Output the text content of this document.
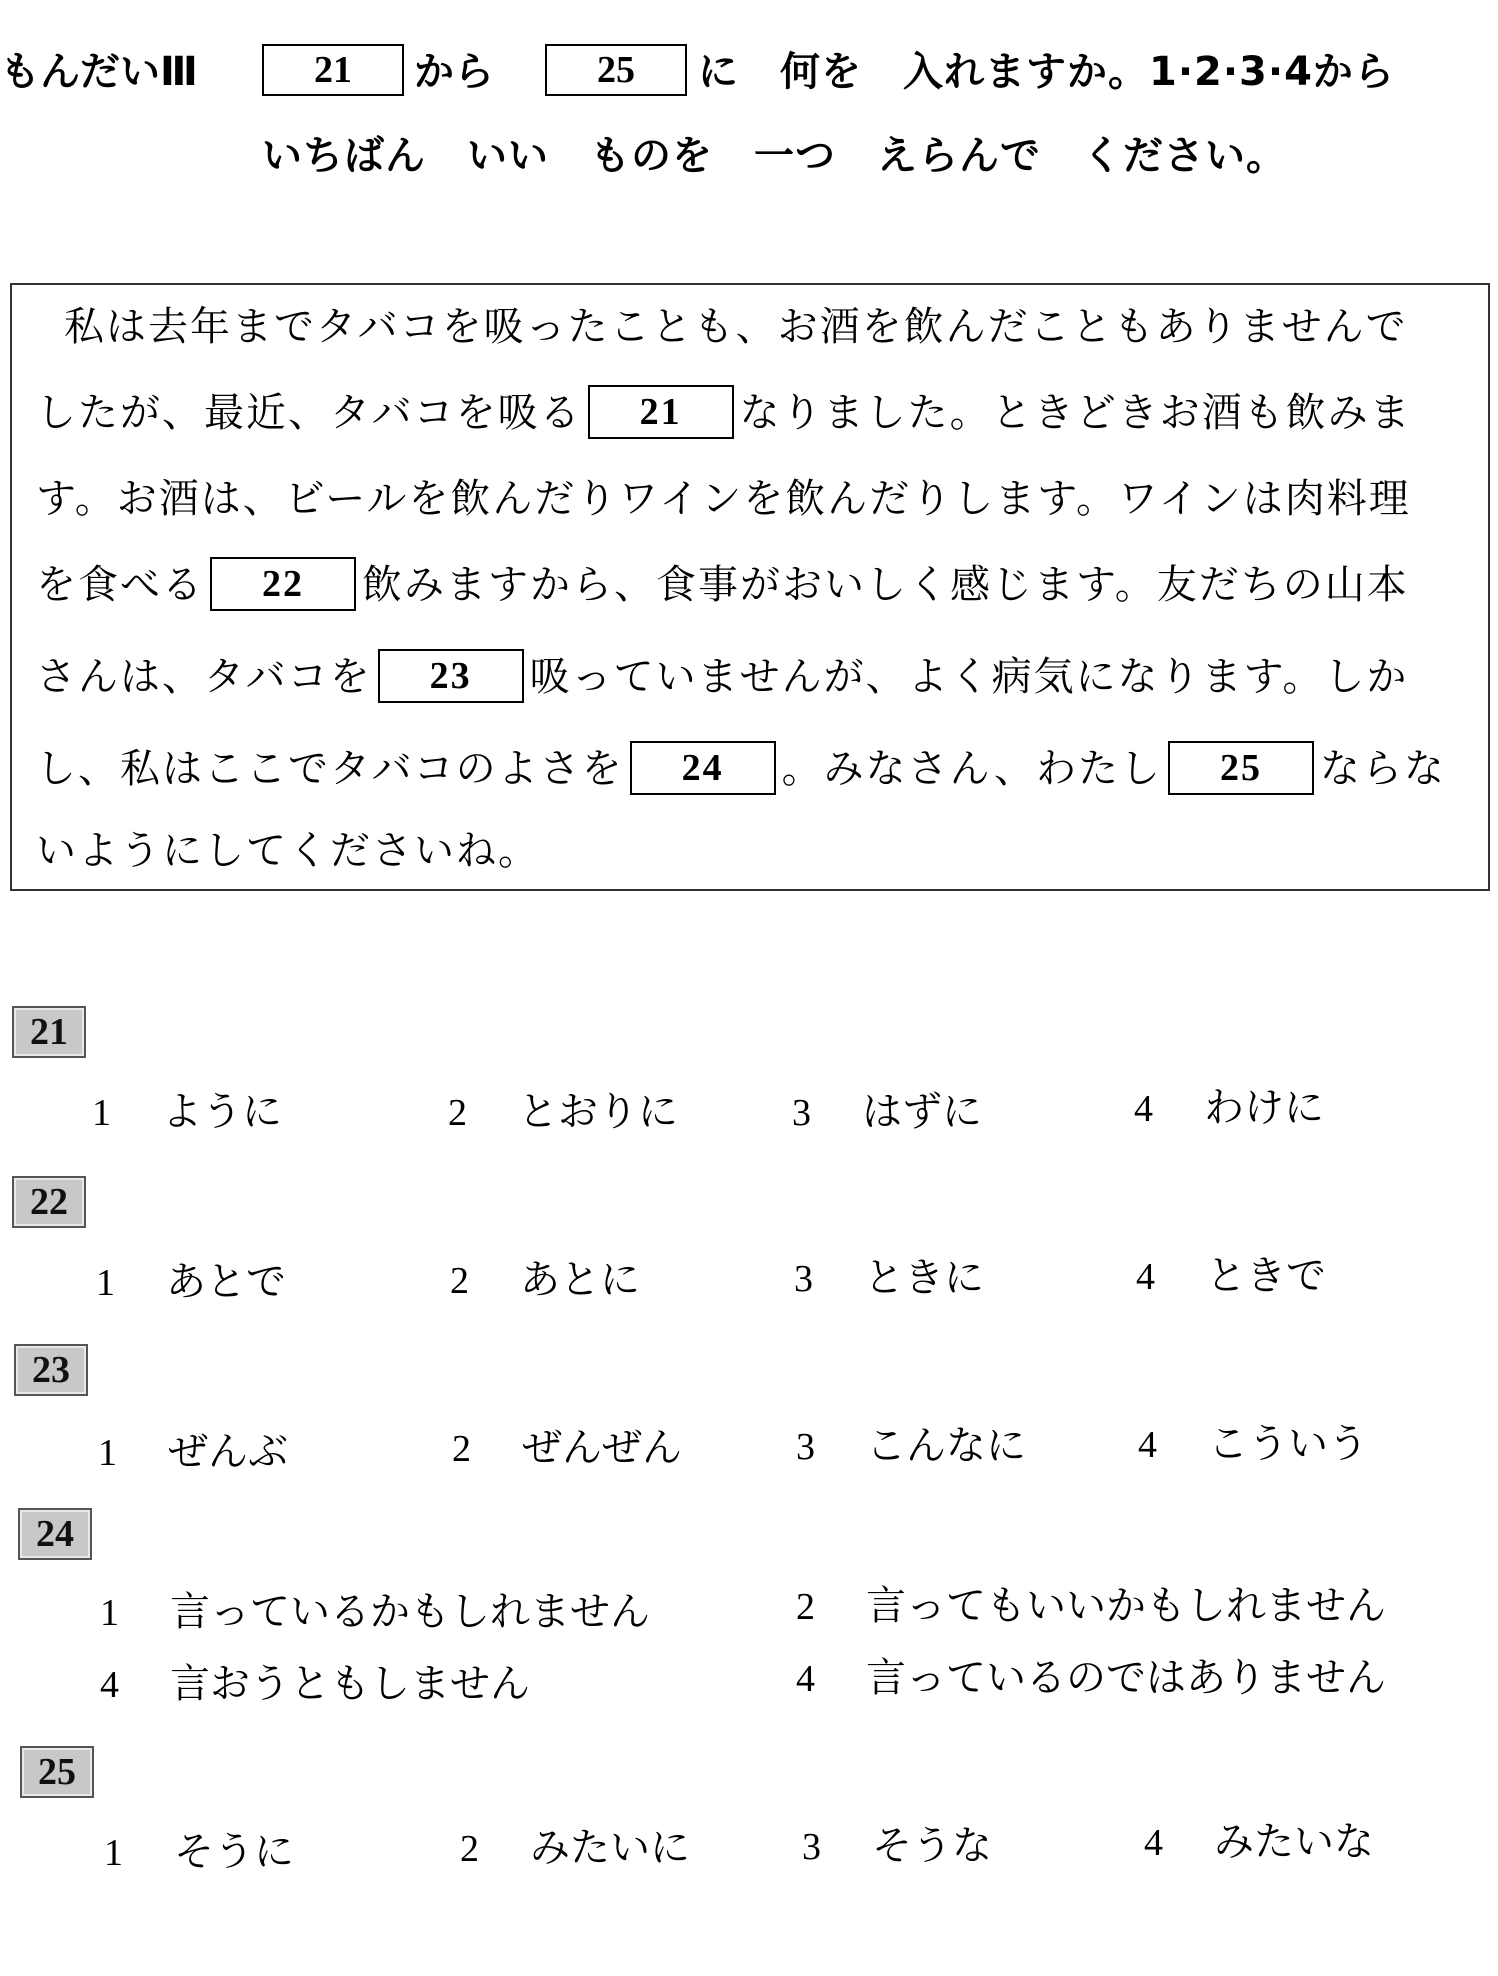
もんだいⅢ	21	から	25	に　何を　入れますか。1·2·3·4から
いちばん　いい　ものを　一つ　えらんで　ください。
私は去年までタバコを吸ったことも、お酒を飲んだこともありませんで
したが、最近、タバコを吸る 21 なりました。ときどきお酒も飲みま
す。お酒は、ビールを飲んだりワインを飲んだりします。ワインは肉料理
を食べる 22 飲みますから、食事がおいしく感じます。友だちの山本
さんは、タバコを 23 吸っていませんが、よく病気になります。しか
し、私はここでタバコのよさを 24 。みなさん、わたし 25 ならな
いようにしてくださいね。
21
1 ように	2 とおりに	3 はずに	4 わけに
22
1 あとで	2 あとに	3 ときに	4 ときで
23
1 ぜんぶ	2 ぜんぜん	3 こんなに	4 こういう
24
1 言っているかもしれません	2 言ってもいいかもしれません
4 言おうともしません	4 言っているのではありません
25
1 そうに	2 みたいに	3 そうな	4 みたいな
